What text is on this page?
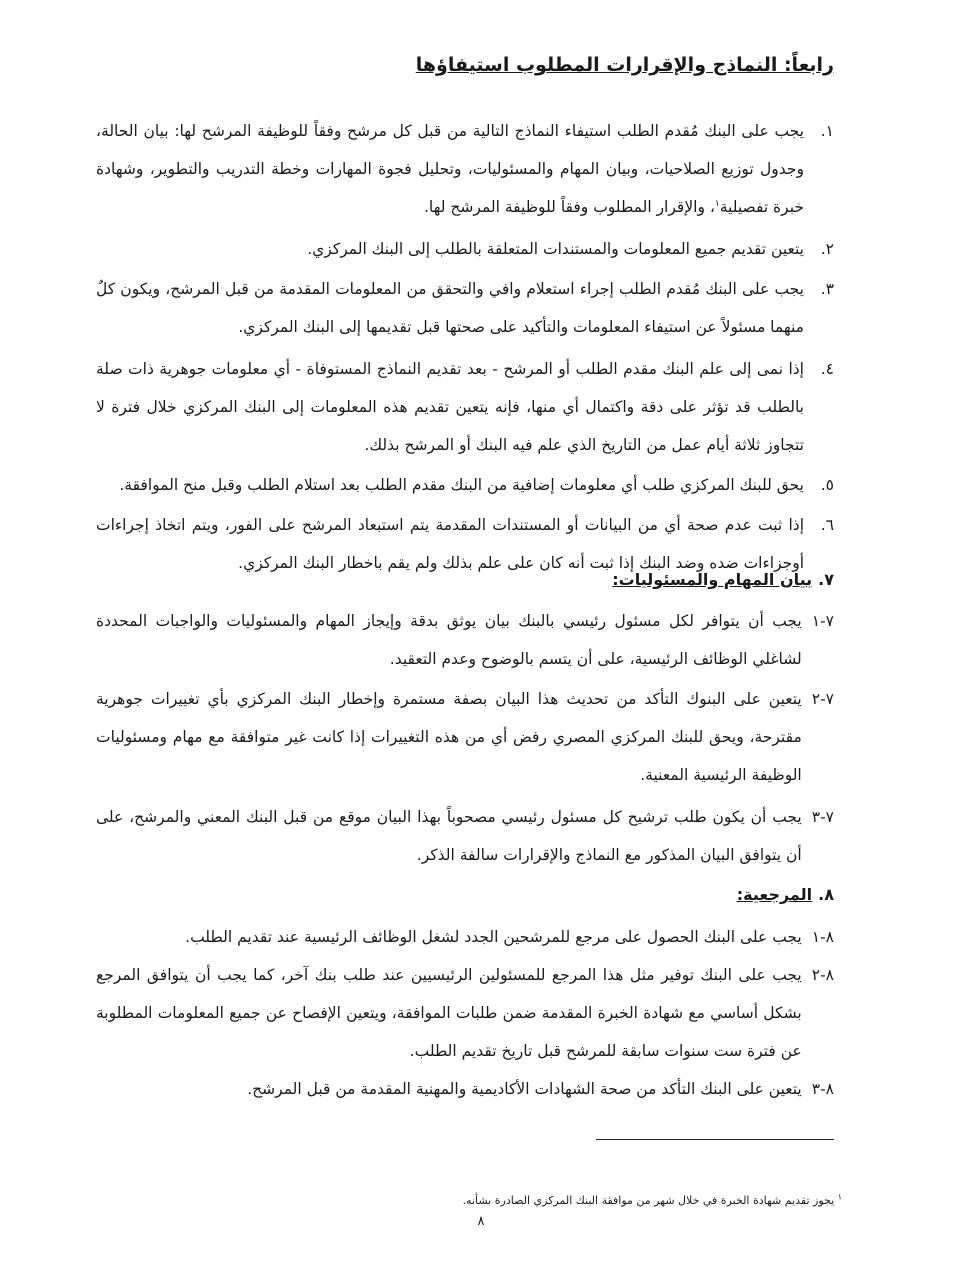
رابعاً: النماذج والإقرارات المطلوب استيفاؤها
١.
يجب على البنك مُقدم الطلب استيفاء النماذج التالية من قبل كل مرشح وفقاً للوظيفة المرشح لها: بيان الحالة، وجدول توزيع الصلاحيات، وبيان المهام والمسئوليات، وتحليل فجوة المهارات وخطة التدريب والتطوير، وشهادة خبرة تفصيلية$^١$، والإقرار المطلوب وفقاً للوظيفة المرشح لها.
٢.
يتعين تقديم جميع المعلومات والمستندات المتعلقة بالطلب إلى البنك المركزي.
٣.
يجب على البنك مُقدم الطلب إجراء استعلام وافي والتحقق من المعلومات المقدمة من قبل المرشح، ويكون كلٌ منهما مسئولاً عن استيفاء المعلومات والتأكيد على صحتها قبل تقديمها إلى البنك المركزي.
٤.
إذا نمى إلى علم البنك مقدم الطلب أو المرشح - بعد تقديم النماذج المستوفاة - أي معلومات جوهرية ذات صلة بالطلب قد تؤثر على دقة واكتمال أي منها، فإنه يتعين تقديم هذه المعلومات إلى البنك المركزي خلال فترة لا تتجاوز ثلاثة أيام عمل من التاريخ الذي علم فيه البنك أو المرشح بذلك.
٥.
يحق للبنك المركزي طلب أي معلومات إضافية من البنك مقدم الطلب بعد استلام الطلب وقبل منح الموافقة.
٦.
إذا ثبت عدم صحة أي من البيانات أو المستندات المقدمة يتم استبعاد المرشح على الفور، ويتم اتخاذ إجراءات أوجزاءات ضده وضد البنك إذا ثبت أنه كان على علم بذلك ولم يقم باخطار البنك المركزي.
٧.بيان المهام والمسئوليات:
٧-١
يجب أن يتوافر لكل مسئول رئيسي بالبنك بيان يوثق بدقة وإيجاز المهام والمسئوليات والواجبات المحددة لشاغلي الوظائف الرئيسية، على أن يتسم بالوضوح وعدم التعقيد.
٧-٢
يتعين على البنوك التأكد من تحديث هذا البيان بصفة مستمرة وإخطار البنك المركزي بأي تغييرات جوهرية مقترحة، ويحق للبنك المركزي المصري رفض أي من هذه التغييرات إذا كانت غير متوافقة مع مهام ومسئوليات الوظيفة الرئيسية المعنية.
٧-٣
يجب أن يكون طلب ترشيح كل مسئول رئيسي مصحوباً بهذا البيان موقع من قبل البنك المعني والمرشح، على أن يتوافق البيان المذكور مع النماذج والإقرارات سالفة الذكر.
٨.المرجعية:
٨-١
يجب على البنك الحصول على مرجع للمرشحين الجدد لشغل الوظائف الرئيسية عند تقديم الطلب.
٨-٢
يجب على البنك توفير مثل هذا المرجع للمسئولين الرئيسيين عند طلب بنك آخر، كما يجب أن يتوافق المرجع بشكل أساسي مع شهادة الخبرة المقدمة ضمن طلبات الموافقة، ويتعين الإفصاح عن جميع المعلومات المطلوبة عن فترة ست سنوات سابقة للمرشح قبل تاريخ تقديم الطلب.
٨-٣
يتعين على البنك التأكد من صحة الشهادات الأكاديمية والمهنية المقدمة من قبل المرشح.
$^١$ يجوز تقديم شهادة الخبرة في خلال شهر من موافقة البنك المركزي الصادرة بشأنه.
٨
